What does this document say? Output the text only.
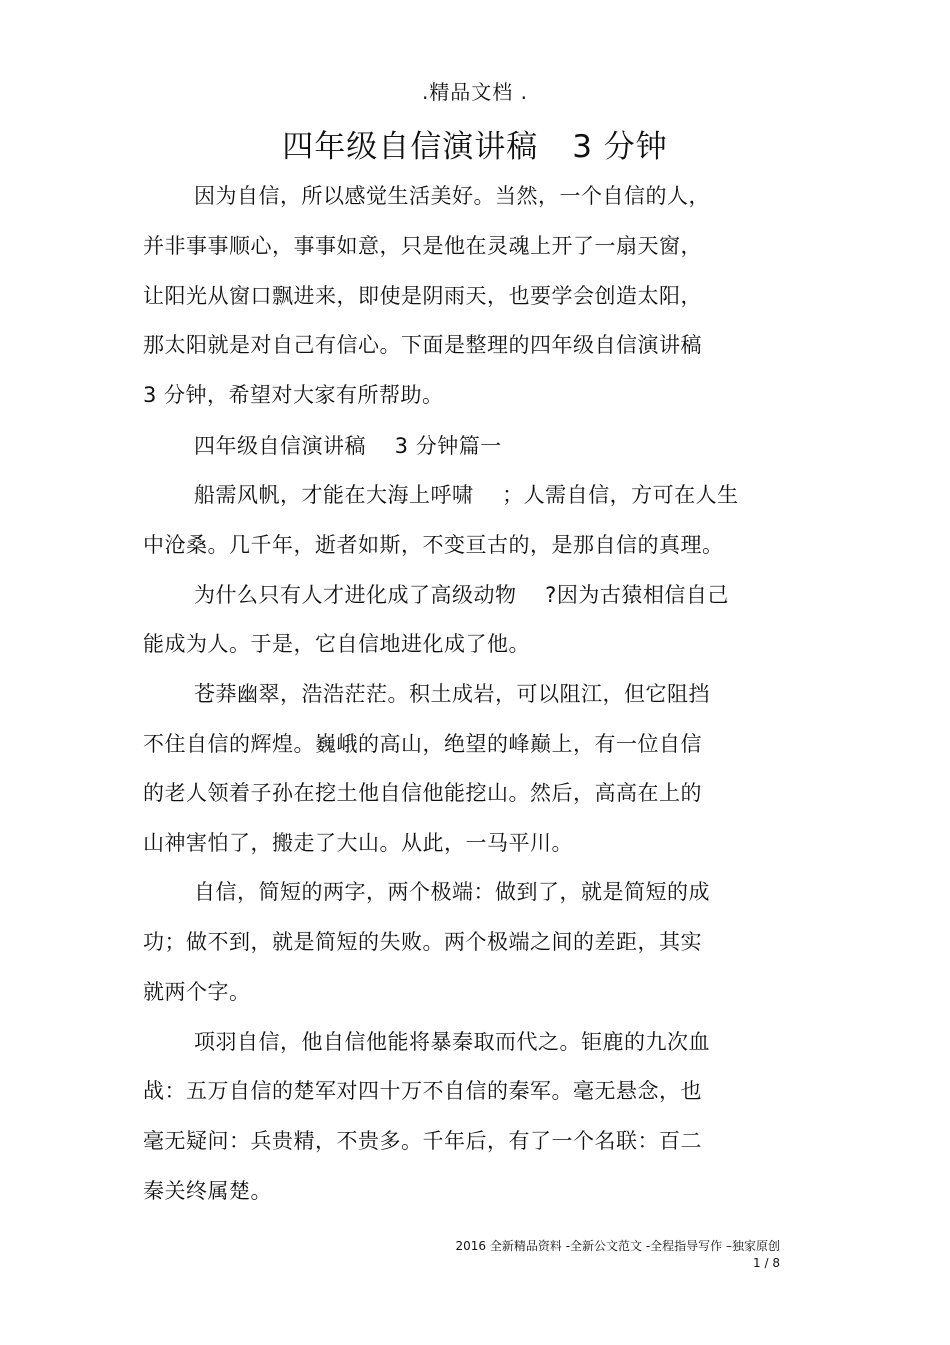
.精品文档 .
四年级自信演讲稿 3 分钟
因为自信，所以感觉生活美好。当然，一个自信的人，
并非事事顺心，事事如意，只是他在灵魂上开了一扇天窗，
让阳光从窗口飘进来，即使是阴雨天，也要学会创造太阳，
那太阳就是对自己有信心。下面是整理的四年级自信演讲稿
3 分钟，希望对大家有所帮助。
四年级自信演讲稿　 3 分钟篇一
船需风帆，才能在大海上呼啸　 ；人需自信，方可在人生
中沧桑。几千年，逝者如斯，不变亘古的，是那自信的真理。
为什么只有人才进化成了高级动物　 ?因为古猿相信自己
能成为人。于是，它自信地进化成了他。
苍莽幽翠，浩浩茫茫。积土成岩，可以阻江，但它阻挡
不住自信的辉煌。巍峨的高山，绝望的峰巅上，有一位自信
的老人领着子孙在挖土他自信他能挖山。然后，高高在上的
山神害怕了，搬走了大山。从此，一马平川。
自信，简短的两字，两个极端：做到了，就是简短的成
功；做不到，就是简短的失败。两个极端之间的差距，其实
就两个字。
项羽自信，他自信他能将暴秦取而代之。钜鹿的九次血
战：五万自信的楚军对四十万不自信的秦军。毫无悬念，也
毫无疑问：兵贵精，不贵多。千年后，有了一个名联：百二
秦关终属楚。
2016 全新精品资料 -全新公文范文 -全程指导写作 –独家原创
1 / 8
